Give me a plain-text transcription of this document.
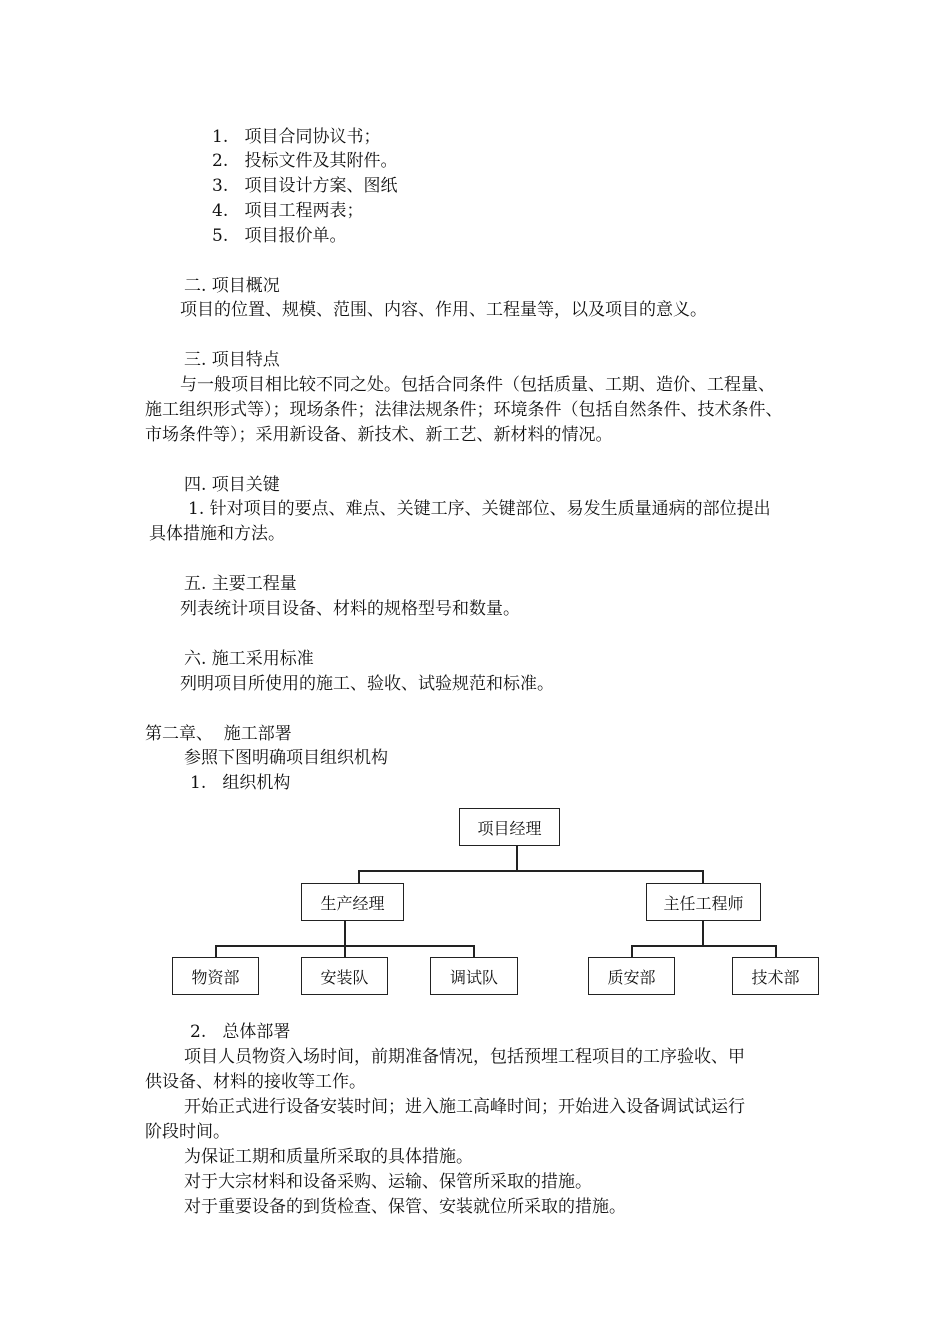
1. 项目合同协议书；
2. 投标文件及其附件。
3. 项目设计方案、图纸
4. 项目工程两表；
5. 项目报价单。
二. 项目概况
项目的位置、规模、范围、内容、作用、工程量等，以及项目的意义。
三. 项目特点
与一般项目相比较不同之处。包括合同条件（包括质量、工期、造价、工程量、
施工组织形式等）；现场条件；法律法规条件；环境条件（包括自然条件、技术条件、
市场条件等）；采用新设备、新技术、新工艺、新材料的情况。
四. 项目关键
1. 针对项目的要点、难点、关键工序、关键部位、易发生质量通病的部位提出
具体措施和方法。
五. 主要工程量
列表统计项目设备、材料的规格型号和数量。
六. 施工采用标准
列明项目所使用的施工、验收、试验规范和标准。
第二章、  施工部署
参照下图明确项目组织机构
1.   组织机构
项目经理
生产经理	主任工程师
物资部	安装队	调试队	质安部	技术部
2.   总体部署
项目人员物资入场时间，前期准备情况，包括预埋工程项目的工序验收、甲
供设备、材料的接收等工作。
开始正式进行设备安装时间；进入施工高峰时间；开始进入设备调试试运行
阶段时间。
为保证工期和质量所采取的具体措施。
对于大宗材料和设备采购、运输、保管所采取的措施。
对于重要设备的到货检查、保管、安装就位所采取的措施。
